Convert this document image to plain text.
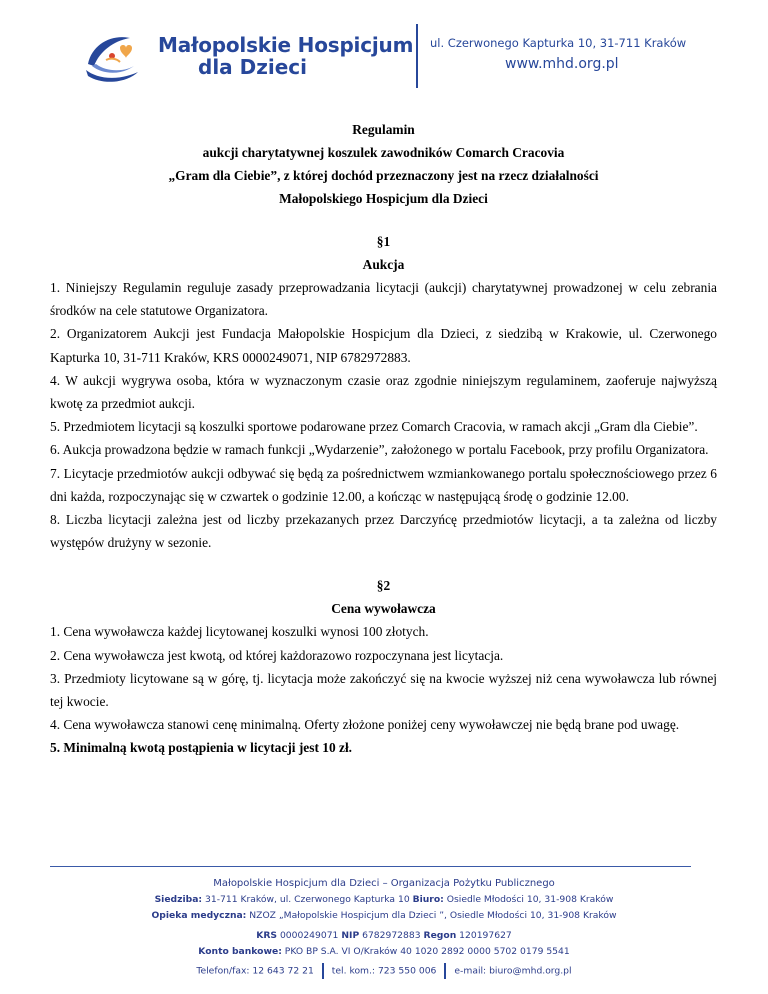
Małopolskie Hospicjum
dla Dzieci
ul. Czerwonego Kapturka 10, 31-711 Kraków
www.mhd.org.pl
Regulamin
aukcji charytatywnej koszulek zawodników Comarch Cracovia
„Gram dla Ciebie”, z której dochód przeznaczony jest na rzecz działalności
Małopolskiego Hospicjum dla Dzieci
§1
Aukcja

1. Niniejszy Regulamin reguluje zasady przeprowadzania licytacji (aukcji) charytatywnej prowadzonej w celu zebrania środków na cele statutowe Organizatora.

2. Organizatorem Aukcji jest Fundacja Małopolskie Hospicjum dla Dzieci, z siedzibą w Krakowie, ul. Czerwonego Kapturka 10, 31-711 Kraków, KRS 0000249071, NIP 6782972883.

4. W aukcji wygrywa osoba, która w wyznaczonym czasie oraz zgodnie niniejszym regulaminem, zaoferuje najwyższą kwotę za przedmiot aukcji.

5. Przedmiotem licytacji są koszulki sportowe podarowane przez Comarch Cracovia, w ramach akcji „Gram dla Ciebie”.

6. Aukcja prowadzona będzie w ramach funkcji „Wydarzenie”, założonego w portalu Facebook, przy profilu Organizatora.

7. Licytacje przedmiotów aukcji odbywać się będą za pośrednictwem wzmiankowanego portalu społecznościowego przez 6 dni każda, rozpoczynając się w czwartek o godzinie 12.00, a kończąc w następującą środę o godzinie 12.00.

8. Liczba licytacji zależna jest od liczby przekazanych przez Darczyńcę przedmiotów licytacji, a ta zależna od liczby występów drużyny w sezonie.

§2
Cena wywoławcza

1. Cena wywoławcza każdej licytowanej koszulki wynosi 100 złotych.

2. Cena wywoławcza jest kwotą, od której każdorazowo rozpoczynana jest licytacja.

3. Przedmioty licytowane są w górę, tj. licytacja może zakończyć się na kwocie wyższej niż cena wywoławcza lub równej tej kwocie.

4. Cena wywoławcza stanowi cenę minimalną. Oferty złożone poniżej ceny wywoławczej nie będą brane pod uwagę.

5. Minimalną kwotą postąpienia w licytacji jest 10 zł.

Małopolskie Hospicjum dla Dzieci – Organizacja Pożytku Publicznego
Siedziba: 31-711 Kraków, ul. Czerwonego Kapturka 10 Biuro: Osiedle Młodości 10, 31-908 Kraków
Opieka medyczna: NZOZ „Małopolskie Hospicjum dla Dzieci ”, Osiedle Młodości 10, 31-908 Kraków
KRS 0000249071 NIP 6782972883 Regon 120197627
Konto bankowe: PKO BP S.A. VI O/Kraków 40 1020 2892 0000 5702 0179 5541
Telefon/fax: 12 643 72 21 tel. kom.: 723 550 006 e-mail: biuro@mhd.org.pl
